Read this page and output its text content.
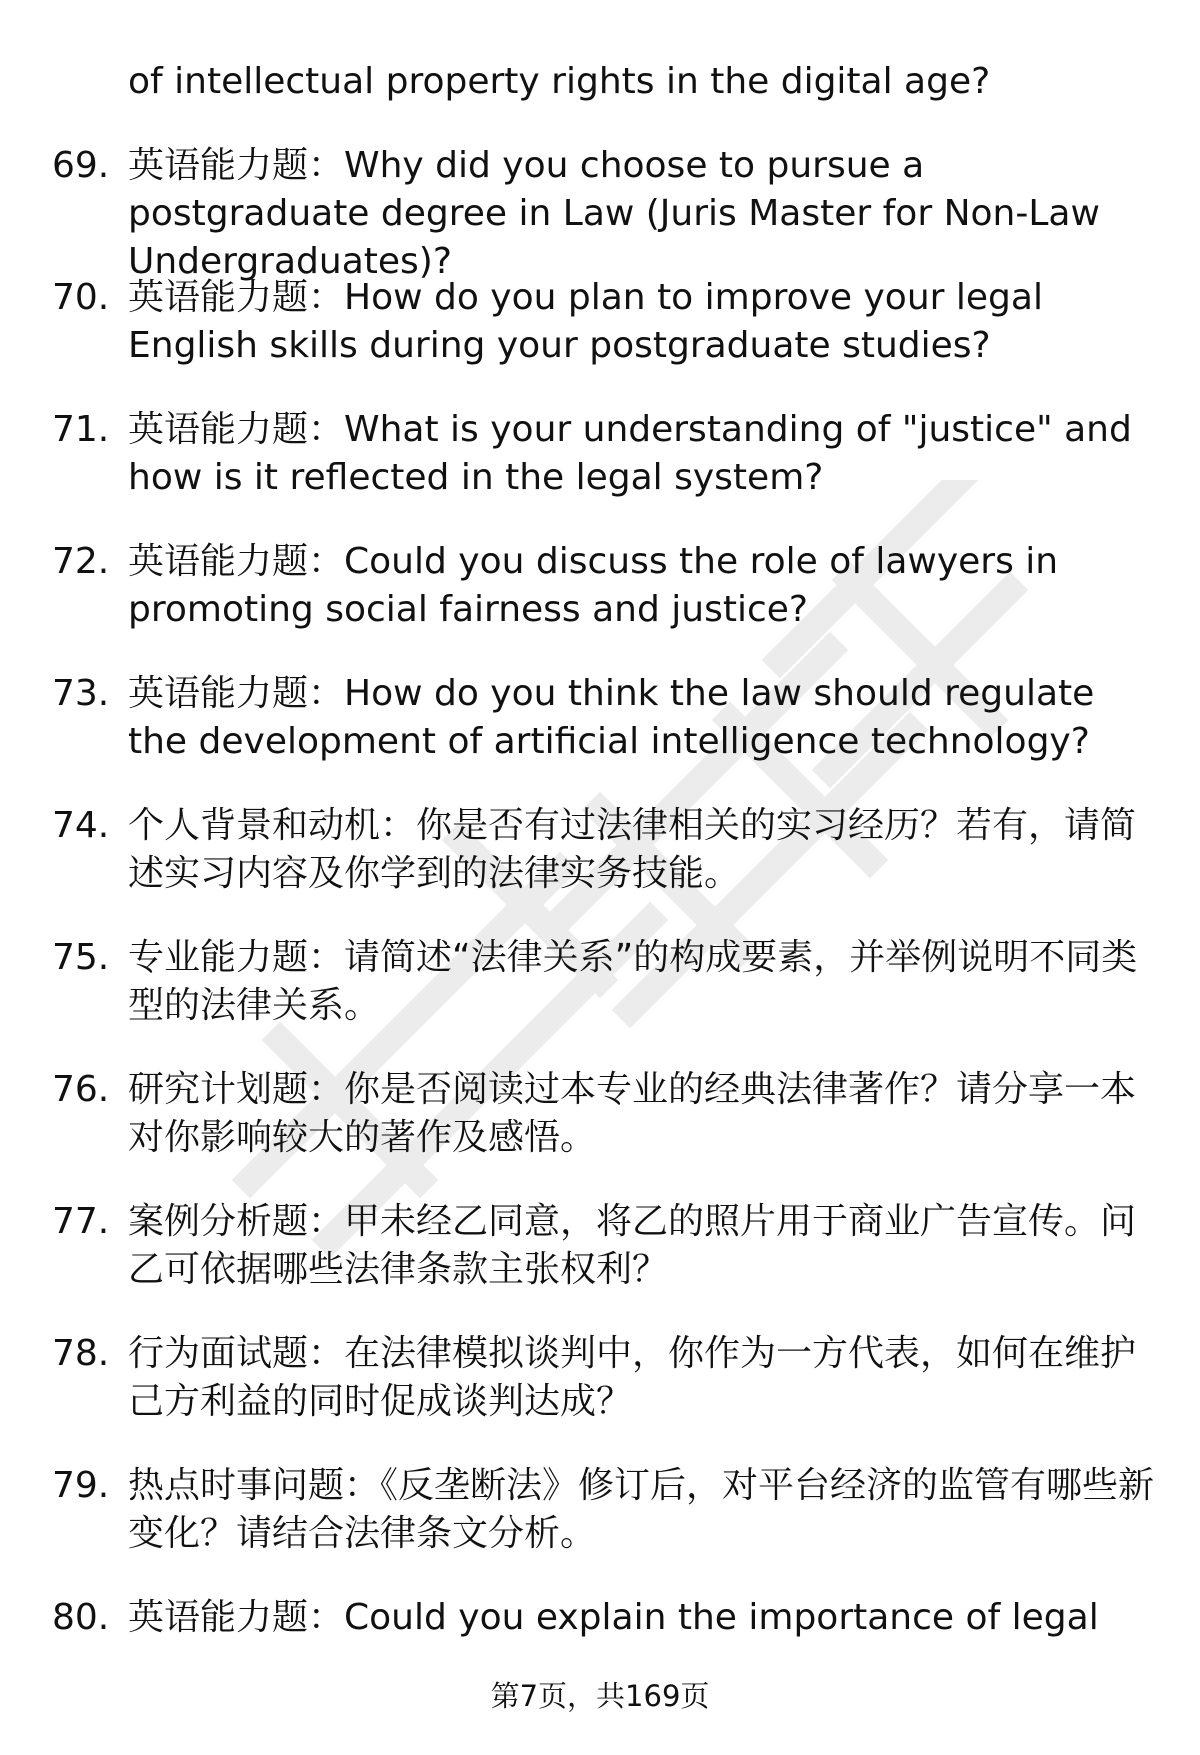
of intellectual property rights in the digital age?
69. 英语能力题：Why did you choose to pursue a postgraduate degree in Law (Juris Master for Non-Law Undergraduates)?
70. 英语能力题：How do you plan to improve your legal English skills during your postgraduate studies?
71. 英语能力题：What is your understanding of "justice" and how is it reflected in the legal system?
72. 英语能力题：Could you discuss the role of lawyers in promoting social fairness and justice?
73. 英语能力题：How do you think the law should regulate the development of artificial intelligence technology?
74. 个人背景和动机：你是否有过法律相关的实习经历？若有，请简述实习内容及你学到的法律实务技能。
75. 专业能力题：请简述“法律关系”的构成要素，并举例说明不同类型的法律关系。
76. 研究计划题：你是否阅读过本专业的经典法律著作？请分享一本对你影响较大的著作及感悟。
77. 案例分析题：甲未经乙同意，将乙的照片用于商业广告宣传。问乙可依据哪些法律条款主张权利？
78. 行为面试题：在法律模拟谈判中，你作为一方代表，如何在维护己方利益的同时促成谈判达成？
79. 热点时事问题：《反垄断法》修订后，对平台经济的监管有哪些新变化？请结合法律条文分析。
80. 英语能力题：Could you explain the importance of legal
第7页，共169页
